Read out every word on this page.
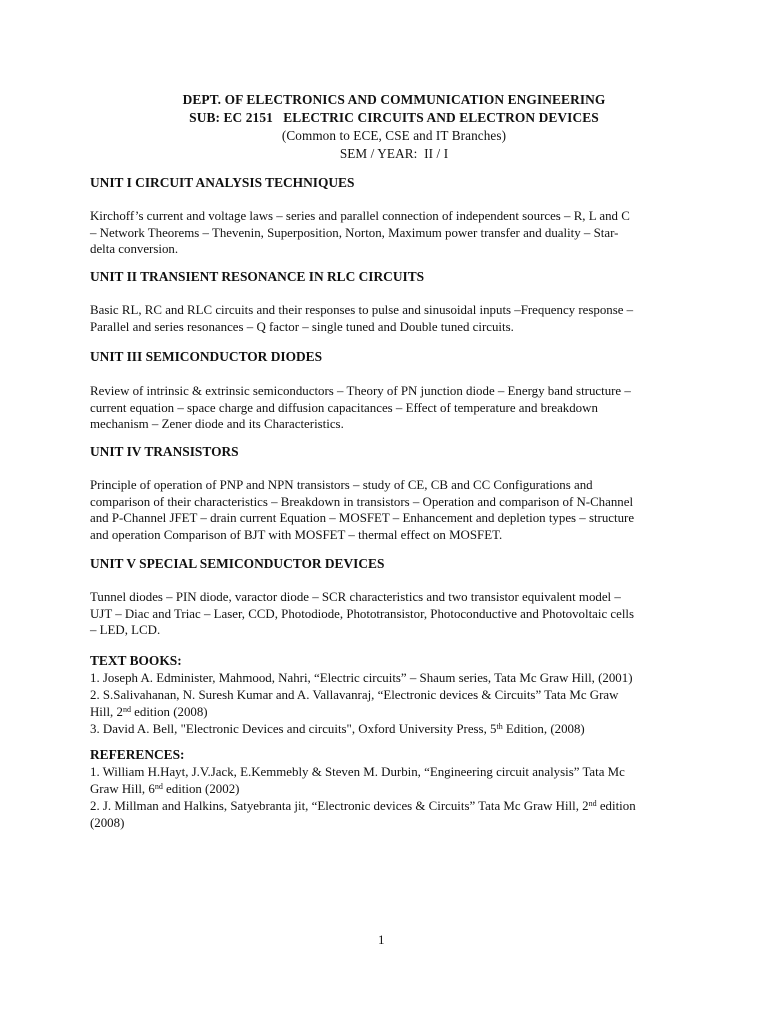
DEPT. OF ELECTRONICS AND COMMUNICATION ENGINEERING
SUB: EC 2151   ELECTRIC CIRCUITS AND ELECTRON DEVICES
(Common to ECE, CSE and IT Branches)
SEM / YEAR:  II / I

UNIT I CIRCUIT ANALYSIS TECHNIQUES

Kirchoff’s current and voltage laws – series and parallel connection of independent sources – R, L and C
– Network Theorems – Thevenin, Superposition, Norton, Maximum power transfer and duality – Star-
delta conversion.

UNIT II TRANSIENT RESONANCE IN RLC CIRCUITS

Basic RL, RC and RLC circuits and their responses to pulse and sinusoidal inputs –Frequency response –
Parallel and series resonances – Q factor – single tuned and Double tuned circuits.

UNIT III SEMICONDUCTOR DIODES

Review of intrinsic & extrinsic semiconductors – Theory of PN junction diode – Energy band structure –
current equation – space charge and diffusion capacitances – Effect of temperature and breakdown
mechanism – Zener diode and its Characteristics.

UNIT IV TRANSISTORS

Principle of operation of PNP and NPN transistors – study of CE, CB and CC Configurations and
comparison of their characteristics – Breakdown in transistors – Operation and comparison of N-Channel
and P-Channel JFET – drain current Equation – MOSFET – Enhancement and depletion types – structure
and operation Comparison of BJT with MOSFET – thermal effect on MOSFET.

UNIT V SPECIAL SEMICONDUCTOR DEVICES

Tunnel diodes – PIN diode, varactor diode – SCR characteristics and two transistor equivalent model –
UJT – Diac and Triac – Laser, CCD, Photodiode, Phototransistor, Photoconductive and Photovoltaic cells
– LED, LCD.

TEXT BOOKS:

1. Joseph A. Edminister, Mahmood, Nahri, “Electric circuits” – Shaum series, Tata Mc Graw Hill, (2001)
2. S.Salivahanan, N. Suresh Kumar and A. Vallavanraj, “Electronic devices & Circuits” Tata Mc Graw
Hill, 2nd edition (2008)
3. David A. Bell, "Electronic Devices and circuits", Oxford University Press, 5th Edition, (2008)

REFERENCES:

1. William H.Hayt, J.V.Jack, E.Kemmebly & Steven M. Durbin, “Engineering circuit analysis” Tata Mc
Graw Hill, 6nd edition (2002)
2. J. Millman and Halkins, Satyebranta jit, “Electronic devices & Circuits” Tata Mc Graw Hill, 2nd edition
(2008)

1
